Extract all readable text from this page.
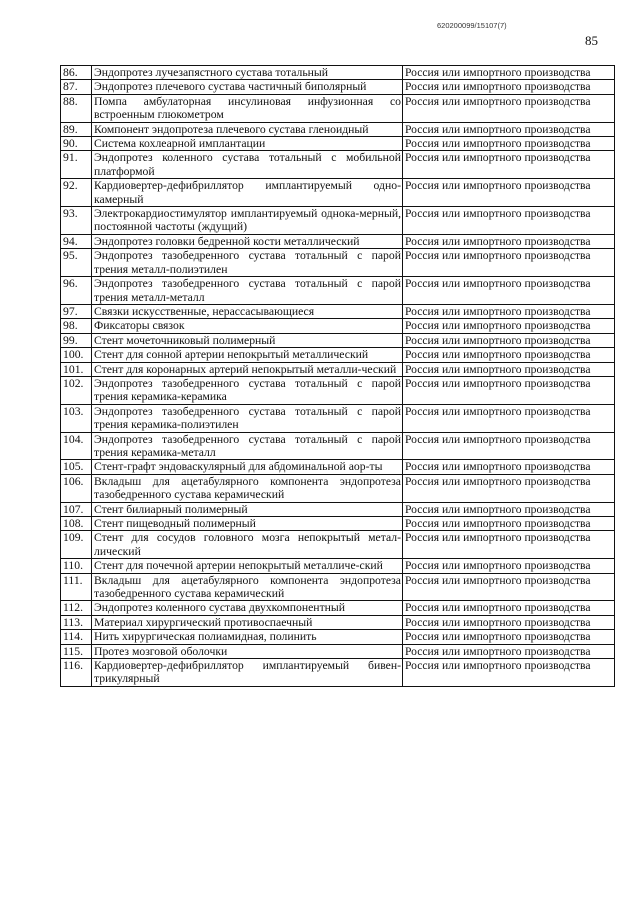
620200099/15107(7)
85
86.	Эндопротез лучезапястного сустава тотальный	Россия или импортного производства
87.	Эндопротез плечевого сустава частичный биполярный	Россия или импортного производства
88.	Помпа амбулаторная инсулиновая инфузионная со встроенным глюкометром	Россия или импортного производства
89.	Компонент эндопротеза плечевого сустава гленоидный	Россия или импортного производства
90.	Система кохлеарной имплантации	Россия или импортного производства
91.	Эндопротез коленного сустава тотальный с мобильной платформой	Россия или импортного производства
92.	Кардиовертер-дефибриллятор имплантируемый одно-камерный	Россия или импортного производства
93.	Электрокардиостимулятор имплантируемый однока-мерный, постоянной частоты (ждущий)	Россия или импортного производства
94.	Эндопротез головки бедренной кости металлический	Россия или импортного производства
95.	Эндопротез тазобедренного сустава тотальный с парой трения металл-полиэтилен	Россия или импортного производства
96.	Эндопротез тазобедренного сустава тотальный с парой трения металл-металл	Россия или импортного производства
97.	Связки искусственные, нерассасывающиеся	Россия или импортного производства
98.	Фиксаторы связок	Россия или импортного производства
99.	Стент мочеточниковый полимерный	Россия или импортного производства
100.	Стент для сонной артерии непокрытый металлический	Россия или импортного производства
101.	Стент для коронарных артерий непокрытый металли-ческий	Россия или импортного производства
102.	Эндопротез тазобедренного сустава тотальный с парой трения керамика-керамика	Россия или импортного производства
103.	Эндопротез тазобедренного сустава тотальный с парой трения керамика-полиэтилен	Россия или импортного производства
104.	Эндопротез тазобедренного сустава тотальный с парой трения керамика-металл	Россия или импортного производства
105.	Стент-графт эндоваскулярный для абдоминальной аор-ты	Россия или импортного производства
106.	Вкладыш для ацетабулярного компонента эндопротеза тазобедренного сустава керамический	Россия или импортного производства
107.	Стент билиарный полимерный	Россия или импортного производства
108.	Стент пищеводный полимерный	Россия или импортного производства
109.	Стент для сосудов головного мозга непокрытый метал-лический	Россия или импортного производства
110.	Стент для почечной артерии непокрытый металличе-ский	Россия или импортного производства
111.	Вкладыш для ацетабулярного компонента эндопротеза тазобедренного сустава керамический	Россия или импортного производства
112.	Эндопротез коленного сустава двухкомпонентный	Россия или импортного производства
113.	Материал хирургический противоспаечный	Россия или импортного производства
114.	Нить хирургическая полиамидная, полинить	Россия или импортного производства
115.	Протез мозговой оболочки	Россия или импортного производства
116.	Кардиовертер-дефибриллятор имплантируемый бивен-трикулярный	Россия или импортного производства
